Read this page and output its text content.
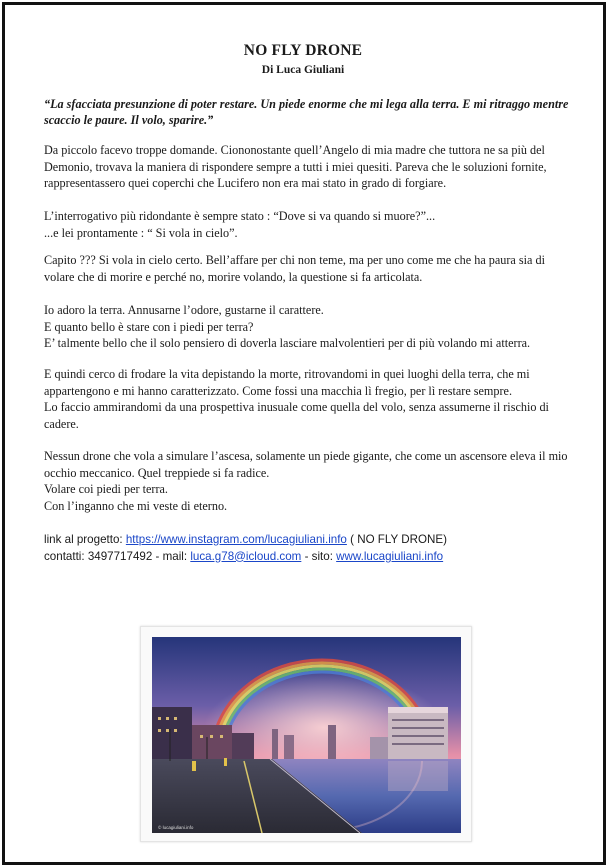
NO FLY DRONE
Di Luca Giuliani
“La sfacciata presunzione di poter restare. Un piede enorme che mi lega alla terra. E mi ritraggo mentre scaccio le paure. Il volo, sparire.”

Da piccolo facevo troppe domande. Ciononostante quell’Angelo di mia madre che tuttora ne sa più del Demonio, trovava la maniera di rispondere sempre a tutti i miei quesiti. Pareva che le soluzioni fornite, rappresentassero quei coperchi che Lucifero non era mai stato in grado di forgiare.

L’interrogativo più ridondante è sempre stato : “Dove si va quando si muore?”...

...e lei prontamente : “ Si vola in cielo”.

Capito ??? Si vola in cielo certo. Bell’affare per chi non teme, ma per uno come me che ha paura sia di volare che di morire e perché no, morire volando, la questione si fa articolata.

Io adoro la terra. Annusarne l’odore, gustarne il carattere.

E quanto bello è stare con i piedi per terra?

E’ talmente bello che il solo pensiero di doverla lasciare malvolentieri per di più volando mi atterra.

E quindi cerco di frodare la vita depistando la morte, ritrovandomi in quei luoghi della terra, che mi appartengono e mi hanno caratterizzato. Come fossi una macchia lì fregio, per lì restare sempre.

Lo faccio ammirandomi da una prospettiva inusuale come quella del volo, senza assumerne il rischio di cadere.

Nessun drone che vola a simulare l’ascesa, solamente un piede gigante, che come un ascensore eleva il mio occhio meccanico. Quel treppiede si fa radice.

Volare coi piedi per terra.

Con l’inganno che mi veste di eterno.

link al progetto: https://www.instagram.com/lucagiuliani.info ( NO FLY DRONE)
contatti: 3497717492 - mail: luca.g78@icloud.com - sito: www.lucagiuliani.info
© lucagiuliani.info
